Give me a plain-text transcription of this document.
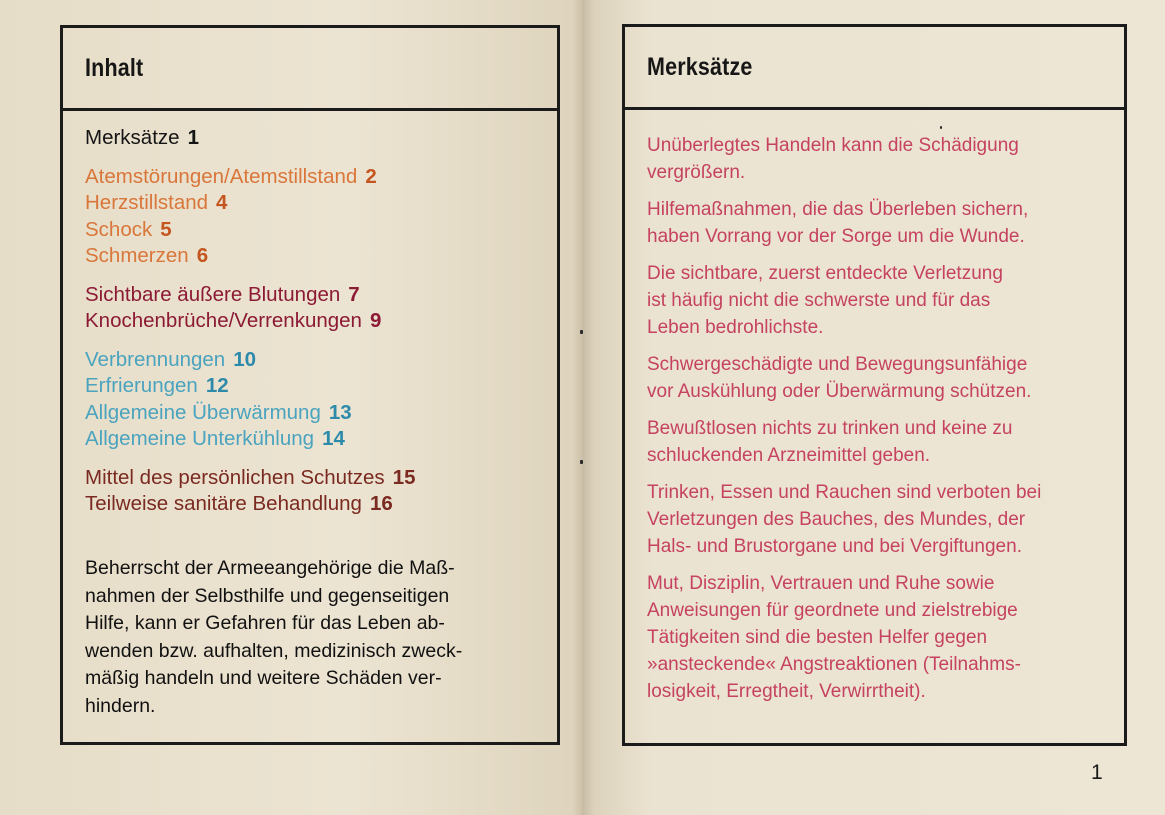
Inhalt
Merksätze 1
Atemstörungen/Atemstillstand 2
Herzstillstand 4
Schock 5
Schmerzen 6
Sichtbare äußere Blutungen 7
Knochenbrüche/Verrenkungen 9
Verbrennungen 10
Erfrierungen 12
Allgemeine Überwärmung 13
Allgemeine Unterkühlung 14
Mittel des persönlichen Schutzes 15
Teilweise sanitäre Behandlung 16
Beherrscht der Armeeangehörige die Maß-
nahmen der Selbsthilfe und gegenseitigen
Hilfe, kann er Gefahren für das Leben ab-
wenden bzw. aufhalten, medizinisch zweck-
mäßig handeln und weitere Schäden ver-
hindern.
Merksätze
Unüberlegtes Handeln kann die Schädigung
vergrößern.
Hilfemaßnahmen, die das Überleben sichern,
haben Vorrang vor der Sorge um die Wunde.
Die sichtbare, zuerst entdeckte Verletzung
ist häufig nicht die schwerste und für das
Leben bedrohlichste.
Schwergeschädigte und Bewegungsunfähige
vor Auskühlung oder Überwärmung schützen.
Bewußtlosen nichts zu trinken und keine zu
schluckenden Arzneimittel geben.
Trinken, Essen und Rauchen sind verboten bei
Verletzungen des Bauches, des Mundes, der
Hals- und Brustorgane und bei Vergiftungen.
Mut, Disziplin, Vertrauen und Ruhe sowie
Anweisungen für geordnete und zielstrebige
Tätigkeiten sind die besten Helfer gegen
»ansteckende« Angstreaktionen (Teilnahms-
losigkeit, Erregtheit, Verwirrtheit).
1
